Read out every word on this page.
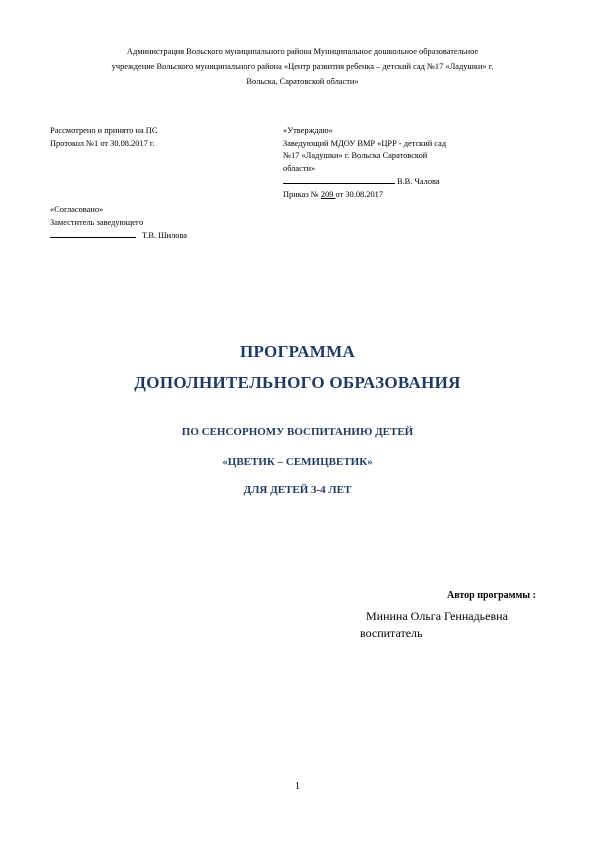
Администрация Вольского муниципального района Муниципальное дошкольное образовательное
учреждение Вольского муниципального района «Центр развития ребенка – детский сад №17 «Ладушки» г.
Вольска, Саратовской области»
Рассмотрено и принято на ПС
Протокол №1 от 30.08.2017 г.
«Утверждаю»
Заведующий МДОУ ВМР «ЦРР - детский сад
№17 «Ладушки» г. Вольска Саратовской
области»
В.В. Чалова
Приказ № 209 от 30.08.2017
«Согласовано»
Заместитель заведующего
Т.В. Шилова
ПРОГРАММА
ДОПОЛНИТЕЛЬНОГО ОБРАЗОВАНИЯ
ПО СЕНСОРНОМУ ВОСПИТАНИЮ ДЕТЕЙ
«ЦВЕТИК – СЕМИЦВЕТИК»
ДЛЯ ДЕТЕЙ 3-4 ЛЕТ
Автор программы :
Минина Ольга Геннадьевна
воспитатель
1
